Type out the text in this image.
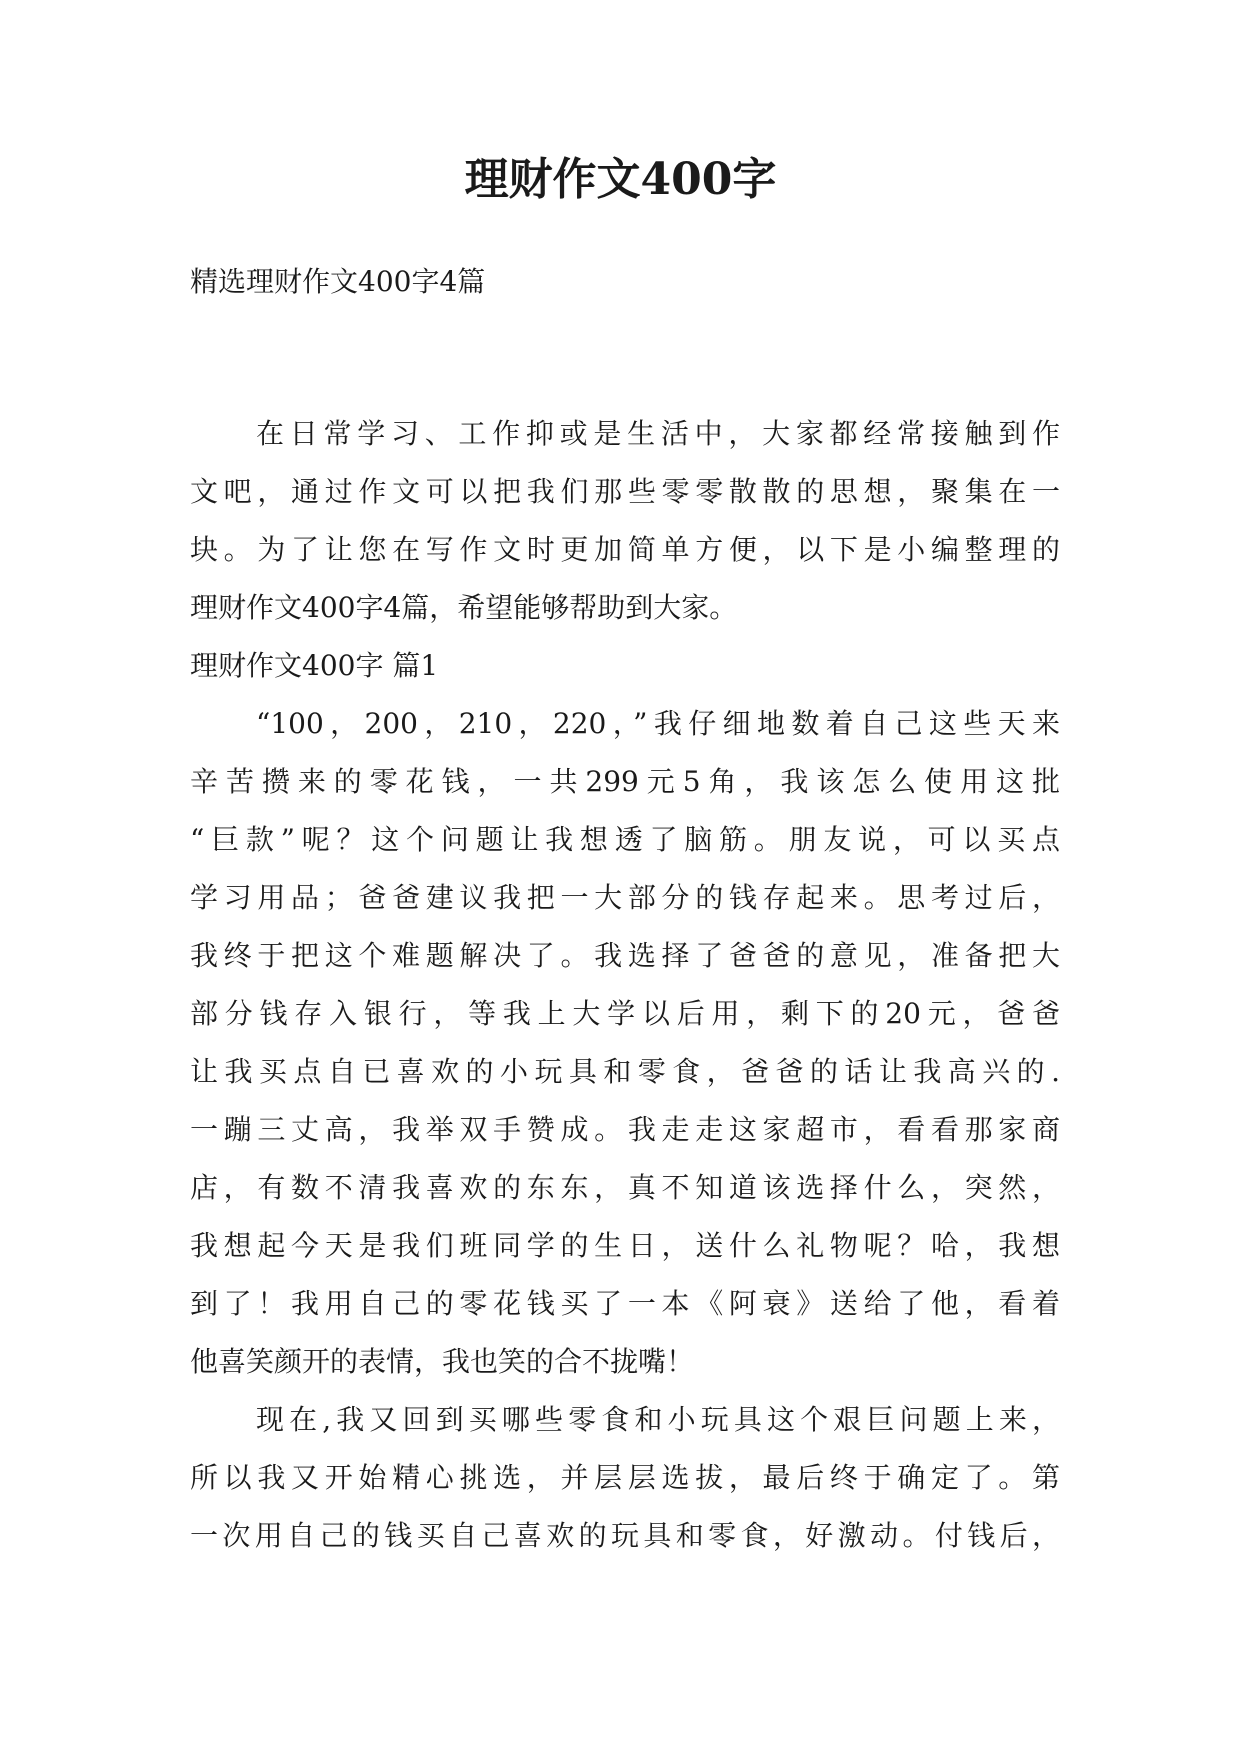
理财作文400字

精选理财作文400字4篇

在日常学习、工作抑或是生活中，大家都经常接触到作
文吧，通过作文可以把我们那些零零散散的思想，聚集在一
块。为了让您在写作文时更加简单方便，以下是小编整理的
理财作文400字4篇，希望能够帮助到大家。
理财作文400字 篇1
“100，200，210，220，”我仔细地数着自己这些天来
辛苦攒来的零花钱，一共299元5角，我该怎么使用这批
“巨款”呢？这个问题让我想透了脑筋。朋友说，可以买点
学习用品；爸爸建议我把一大部分的钱存起来。思考过后，
我终于把这个难题解决了。我选择了爸爸的意见，准备把大
部分钱存入银行，等我上大学以后用，剩下的20元，爸爸
让我买点自已喜欢的小玩具和零食，爸爸的话让我高兴的.
一蹦三丈高，我举双手赞成。我走走这家超市，看看那家商
店，有数不清我喜欢的东东，真不知道该选择什么，突然，
我想起今天是我们班同学的生日，送什么礼物呢？哈，我想
到了！我用自己的零花钱买了一本《阿衰》送给了他，看着
他喜笑颜开的表情，我也笑的合不拢嘴！
现在,我又回到买哪些零食和小玩具这个艰巨问题上来，
所以我又开始精心挑选，并层层选拔，最后终于确定了。第
一次用自己的钱买自己喜欢的玩具和零食，好激动。付钱后，
